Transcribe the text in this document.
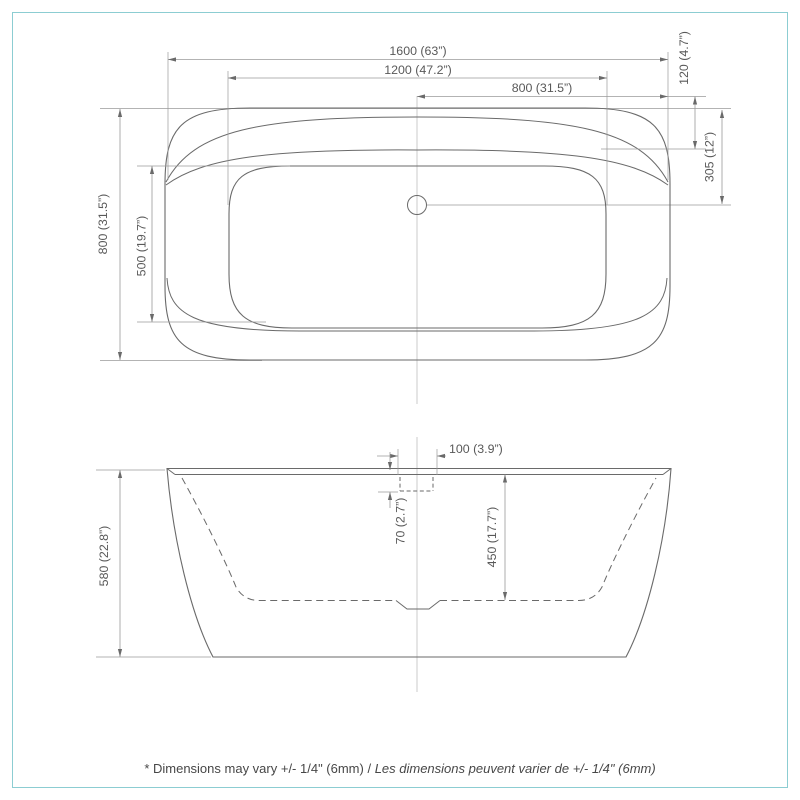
1600 (63”)
1200 (47.2”)
800 (31.5”)
120 (4.7”)
305 (12”)
800 (31.5”) 500 (19.7”)
100 (3.9”)
70 (2.7”)	450 (17.7”)
580 (22.8”)
* Dimensions may vary +/- 1/4" (6mm) / Les dimensions peuvent varier de +/- 1/4" (6mm)
